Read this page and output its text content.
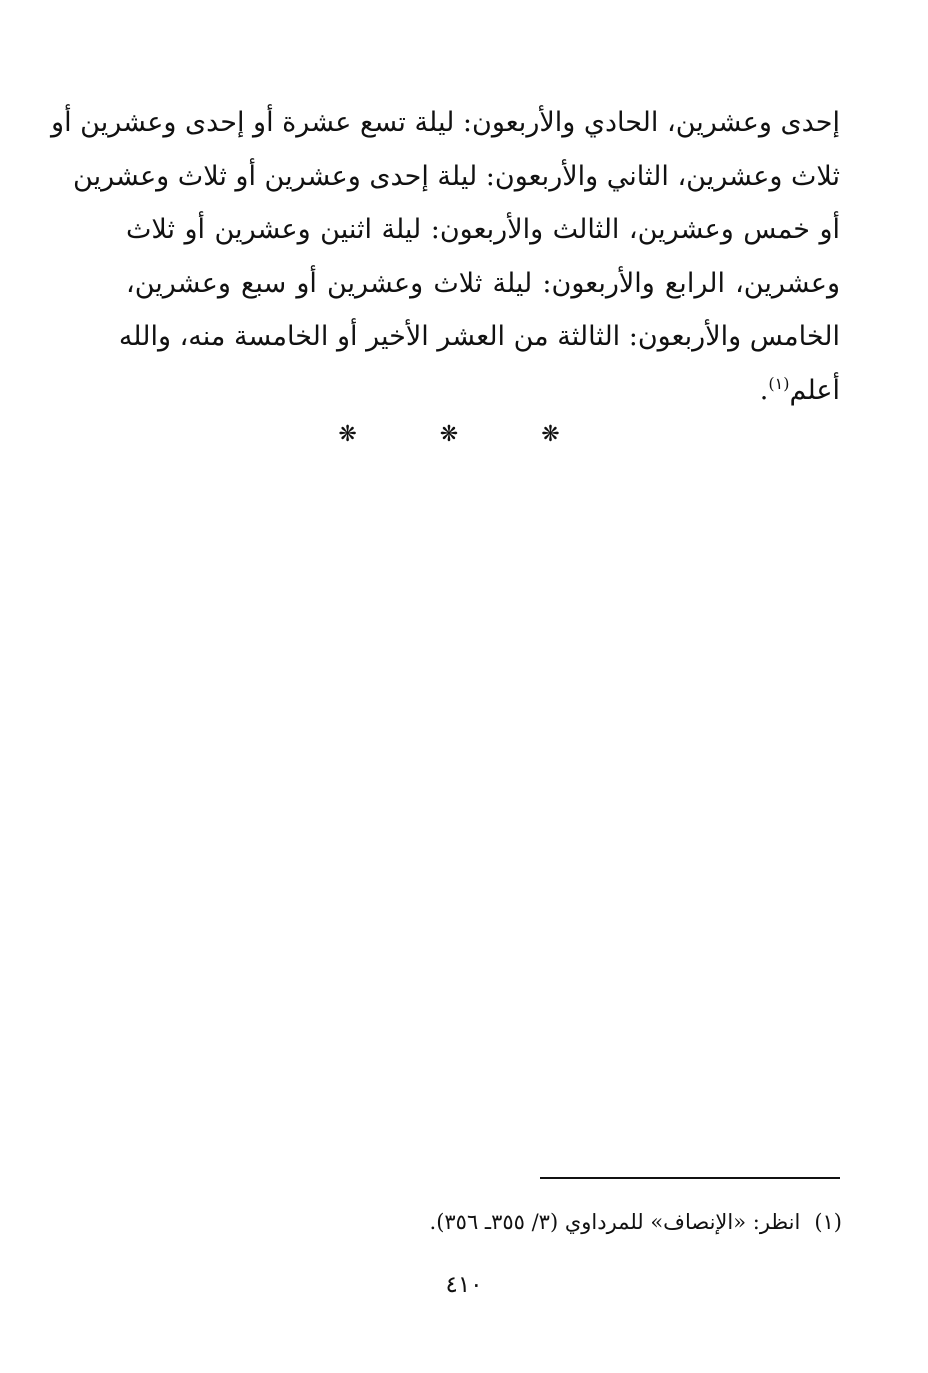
إحدى وعشرين، الحادي والأربعون: ليلة تسع عشرة أو إحدى وعشرين أو
ثلاث وعشرين، الثاني والأربعون: ليلة إحدى وعشرين أو ثلاث وعشرين
أو خمس وعشرين، الثالث والأربعون: ليلة اثنين وعشرين أو ثلاث
وعشرين، الرابع والأربعون: ليلة ثلاث وعشرين أو سبع وعشرين،
الخامس والأربعون: الثالثة من العشر الأخير أو الخامسة منه، والله
أعلم$^{(١)}$.
❋ ❋ ❋
(١)انظر: «الإنصاف» للمرداوي (٣/ ٣٥٥ـ ٣٥٦).
٤١٠
